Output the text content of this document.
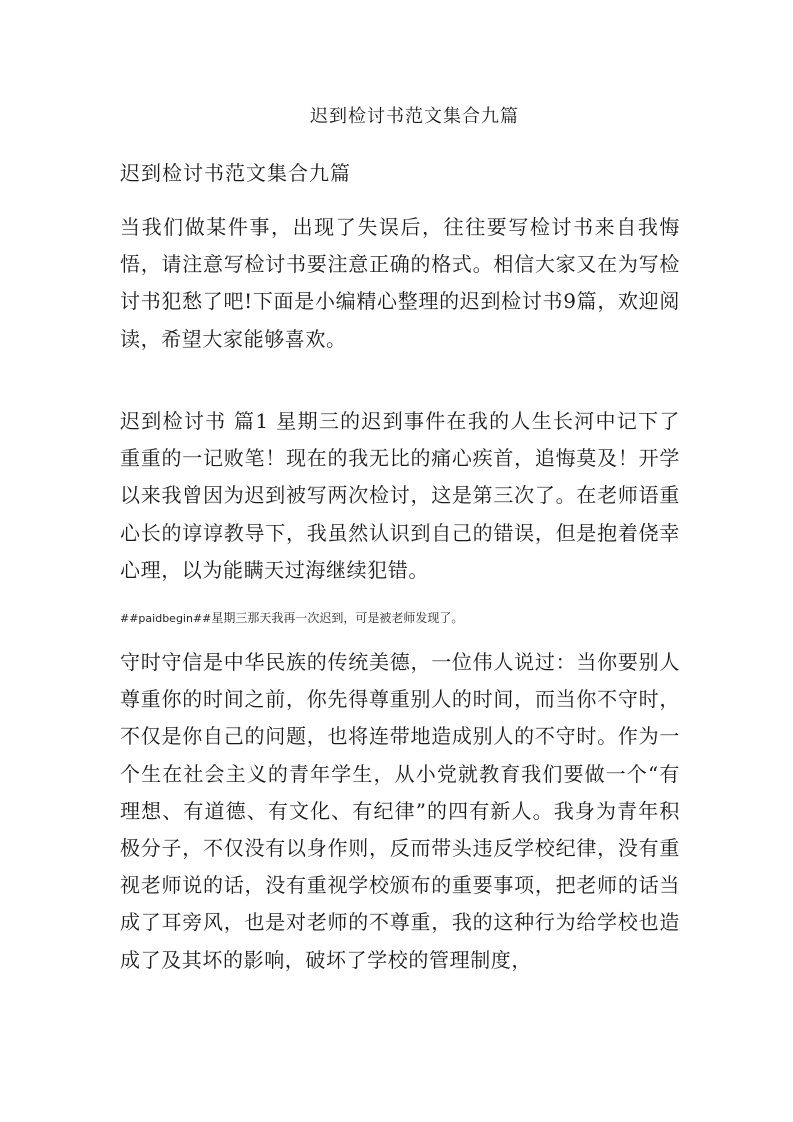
迟到检讨书范文集合九篇
迟到检讨书范文集合九篇

当我们做某件事，出现了失误后，往往要写检讨书来自我悔悟，请注意写检讨书要注意正确的格式。相信大家又在为写检讨书犯愁了吧!下面是小编精心整理的迟到检讨书9篇，欢迎阅读，希望大家能够喜欢。

迟到检讨书 篇1 星期三的迟到事件在我的人生长河中记下了重重的一记败笔！现在的我无比的痛心疾首，追悔莫及！开学以来我曾因为迟到被写两次检讨，这是第三次了。在老师语重心长的谆谆教导下，我虽然认识到自己的错误，但是抱着侥幸心理，以为能瞒天过海继续犯错。

##paidbegin##星期三那天我再一次迟到，可是被老师发现了。

守时守信是中华民族的传统美德，一位伟人说过：当你要别人尊重你的时间之前，你先得尊重别人的时间，而当你不守时，不仅是你自己的问题，也将连带地造成别人的不守时。作为一个生在社会主义的青年学生，从小党就教育我们要做一个“有理想、有道德、有文化、有纪律”的四有新人。我身为青年积极分子，不仅没有以身作则，反而带头违反学校纪律，没有重视老师说的话，没有重视学校颁布的重要事项，把老师的话当成了耳旁风，也是对老师的不尊重，我的这种行为给学校也造成了及其坏的影响，破坏了学校的管理制度，
